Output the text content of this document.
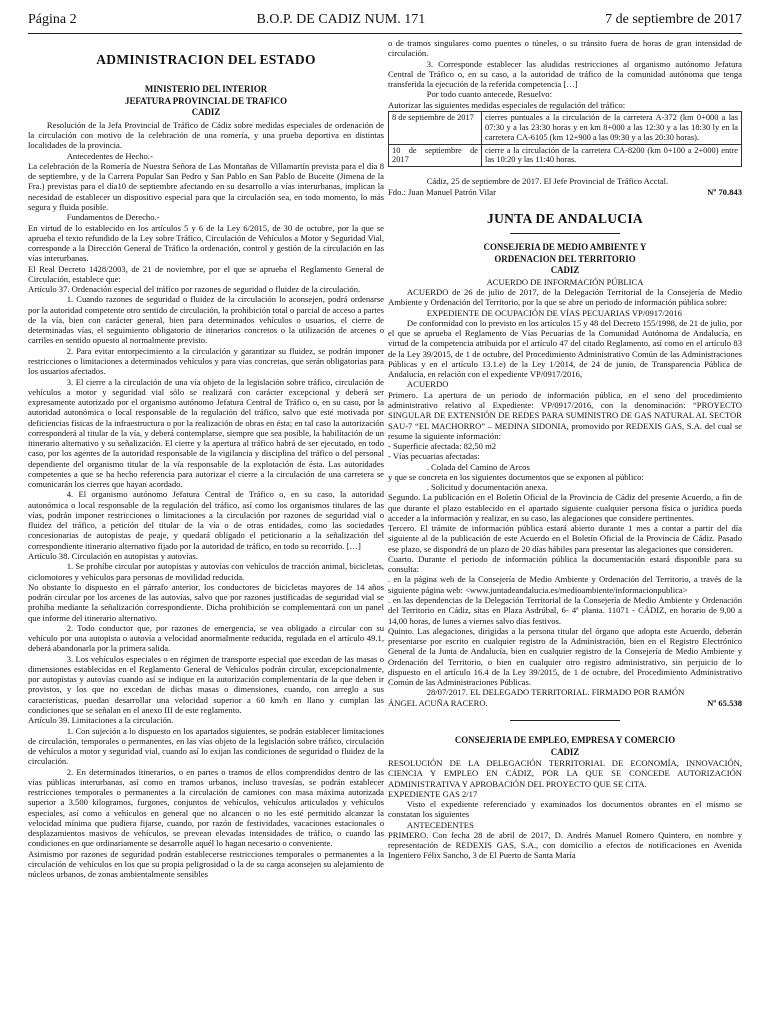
Página 2	B.O.P. DE CADIZ NUM. 171	7 de septiembre de 2017
ADMINISTRACION DEL ESTADO
MINISTERIO DEL INTERIOR
JEFATURA PROVINCIAL DE TRAFICO
CADIZ

Resolución de la Jefa Provincial de Tráfico de Cádiz sobre medidas especiales de ordenación de la circulación con motivo de la celebración de una romería, y una prueba deportiva en distintas localidades de la provincia.

Antecedentes de Hecho.-

La celebración de la Romería de Nuestra Señora de Las Montañas de Villamartín prevista para el día 8 de septiembre, y de la Carrera Popular San Pedro y San Pablo en San Pablo de Buceite (Jimena de la Fra.) previstas para el día10 de septiembre afectando en su desarrollo a vías interurbanas, implican la necesidad de establecer un dispositivo especial para que la circulación sea, en todo momento, lo más segura y fluida posible.

Fundamentos de Derecho.-

En virtud de lo establecido en los artículos 5 y 6 de la Ley 6/2015, de 30 de octubre, por la que se aprueba el texto refundido de la Ley sobre Tráfico, Circulación de Vehículos a Motor y Seguridad Vial, corresponde a la Dirección General de Tráfico la ordenación, control y gestión de la circulación en las vías interurbanas.

El Real Decreto 1428/2003, de 21 de noviembre, por el que se aprueba el Reglamento General de Circulación, establece que:

Artículo 37. Ordenación especial del tráfico por razones de seguridad o fluidez de la circulación.

1. Cuando razones de seguridad o fluidez de la circulación lo aconsejen, podrá ordenarse por la autoridad competente otro sentido de circulación, la prohibición total o parcial de acceso a partes de la vía, bien con carácter general, bien para determinados vehículos o usuarios, el cierre de determinadas vías, el seguimiento obligatorio de itinerarios concretos o la utilización de arcenes o carriles en sentido opuesto al normalmente previsto.

2. Para evitar entorpecimiento a la circulación y garantizar su fluidez, se podrán imponer restricciones o limitaciones a determinados vehículos y para vías concretas, que serán obligatorias para los usuarios afectados.

3. El cierre a la circulación de una vía objeto de la legislación sobre tráfico, circulación de vehículos a motor y seguridad vial sólo se realizará con carácter excepcional y deberá ser expresamente autorizado por el organismo autónomo Jefatura Central de Tráfico o, en su caso, por la autoridad autonómica o local responsable de la regulación del tráfico, salvo que esté motivada por deficiencias físicas de la infraestructura o por la realización de obras en ésta; en tal caso la autorización corresponderá al titular de la vía, y deberá contemplarse, siempre que sea posible, la habilitación de un itinerario alternativo y su señalización. El cierre y la apertura al tráfico habrá de ser ejecutado, en todo caso, por los agentes de la autoridad responsable de la vigilancia y disciplina del tráfico o del personal dependiente del organismo titular de la vía responsable de la explotación de ésta. Las autoridades competentes a que se ha hecho referencia para autorizar el cierre a la circulación de una carretera se comunicarán los cierres que hayan acordado.

4. El organismo autónomo Jefatura Central de Tráfico o, en su caso, la autoridad autonómica o local responsable de la regulación del tráfico, así como los organismos titulares de las vías, podrán imponer restricciones o limitaciones a la circulación por razones de seguridad vial o fluidez del tráfico, a petición del titular de la vía o de otras entidades, como las sociedades concesionarias de autopistas de peaje, y quedará obligado el peticionario a la señalización del correspondiente itinerario alternativo fijado por la autoridad de tráfico, en todo su recorrido. […]

Artículo 38. Circulación en autopistas y autovías.

1. Se prohíbe circular por autopistas y autovías con vehículos de tracción animal, bicicletas, ciclomotores y vehículos para personas de movilidad reducida.

No obstante lo dispuesto en el párrafo anterior, los conductores de bicicletas mayores de 14 años podrán circular por los arcenes de las autovías, salvo que por razones justificadas de seguridad vial se prohíba mediante la señalización correspondiente. Dicha prohibición se complementará con un panel que informe del itinerario alternativo.

2. Todo conductor que, por razones de emergencia, se vea obligado a circular con su vehículo por una autopista o autovía a velocidad anormalmente reducida, regulada en el artículo 49.1, deberá abandonarla por la primera salida.

3. Los vehículos especiales o en régimen de transporte especial que excedan de las masas o dimensiones establecidas en el Reglamento General de Vehículos podrán circular, excepcionalmente, por autopistas y autovías cuando así se indique en la autorización complementaria de la que deben ir provistos, y los que no excedan de dichas masas o dimensiones, cuando, con arreglo a sus características, puedan desarrollar una velocidad superior a 60 km/h en llano y cumplan las condiciones que se señalan en el anexo III de este reglamento.

Artículo 39. Limitaciones a la circulación.

1. Con sujeción a lo dispuesto en los apartados siguientes, se podrán establecer limitaciones de circulación, temporales o permanentes, en las vías objeto de la legislación sobre tráfico, circulación de vehículos a motor y seguridad vial, cuando así lo exijan las condiciones de seguridad o fluidez de la circulación.

2. En determinados itinerarios, o en partes o tramos de ellos comprendidos dentro de las vías públicas interurbanas, así como en tramos urbanos, incluso travesías, se podrán establecer restricciones temporales o permanentes a la circulación de camiones con masa máxima autorizada superior a 3.500 kilogramos, furgones, conjuntos de vehículos, vehículos articulados y vehículos especiales, así como a vehículos en general que no alcancen o no les esté permitido alcanzar la velocidad mínima que pudiera fijarse, cuando, por razón de festividades, vacaciones estacionales o desplazamientos masivos de vehículos, se prevean elevadas intensidades de tráfico, o cuando las condiciones en que ordinariamente se desarrolle aquél lo hagan necesario o conveniente.

Asimismo por razones de seguridad podrán establecerse restricciones temporales o permanentes a la circulación de vehículos en los que su propia peligrosidad o la de su carga aconsejen su alejamiento de núcleos urbanos, de zonas ambientalmente sensibles

o de tramos singulares como puentes o túneles, o su tránsito fuera de horas de gran intensidad de circulación.

3. Corresponde establecer las aludidas restricciones al organismo autónomo Jefatura Central de Tráfico o, en su caso, a la autoridad de tráfico de la comunidad autónoma que tenga transferida la ejecución de la referida competencia […]

Por todo cuanto antecede, Resuelvo:

Autorizar las siguientes medidas especiales de regulación del tráfico:

8 de septiembre de 2017	cierres puntuales a la circulación de la carretera A-372 (km 0+000 a las 07:30 y a las 23:30 horas y en km 8+000 a las 12:30 y a las 18:30 ly en la carretera CA-6105 (km 12+900 a las 09:30 y a las 20:30 horas).
10 de septiembre de 2017	cierre a la circulación de la carretera CA-8200 (km 0+100 a 2+000) entre las 10:20 y las 11:40 horas.

Cádiz, 25 de septiembre de 2017. El Jefe Provincial de Tráfico Acctal.

Fdo.: Juan Manuel Patrón Vilar	Nº 70.843
JUNTA DE ANDALUCIA
CONSEJERIA DE MEDIO AMBIENTE Y
ORDENACION DEL TERRITORIO
CADIZ
ACUERDO DE INFORMACIÓN PÚBLICA

ACUERDO de 26 de julio de 2017, de la Delegación Territorial de la Consejería de Medio Ambiente y Ordenación del Territorio, por la que se abre un periodo de información pública sobre:

EXPEDIENTE DE OCUPACIÓN DE VÍAS PECUARIAS VP/0917/2016

De conformidad con lo previsto en los artículos 15 y 48 del Decreto 155/1998, de 21 de julio, por el que se aprueba el Reglamento de Vías Pecuarias de la Comunidad Autónoma de Andalucía, en virtud de la competencia atribuida por el artículo 47 del citado Reglamento, así como en el artículo 83 de la Ley 39/2015, de 1 de octubre, del Procedimiento Administrativo Común de las Administraciones Públicas y en el artículo 13.1.e) de la Ley 1/2014, de 24 de junio, de Transparencia Pública de Andalucía, en relación con el expediente VP/0917/2016,

ACUERDO

Primero. La apertura de un periodo de información pública, en el seno del procedimiento administrativo relativo al Expediente: VP/0917/2016, con la denominación: “PROYECTO SINGULAR DE EXTENSIÓN DE REDES PARA SUMINISTRO DE GAS NATURAL AL SECTOR SAU-7 “EL MACHORRO” – MEDINA SIDONIA, promovido por REDEXIS GAS, S.A. del cual se resume la siguiente información:

- Superficie afectada: 82,50 m2

- Vías pecuarias afectadas:

. Colada del Camino de Arcos

y que se concreta en los siguientes documentos que se exponen al público:

. Solicitud y documentación anexa.

Segundo. La publicación en el Boletín Oficial de la Provincia de Cádiz del presente Acuerdo, a fin de que durante el plazo establecido en el apartado siguiente cualquier persona física o jurídica pueda acceder a la información y realizar, en su caso, las alegaciones que considere pertinentes.

Tercero. El trámite de información pública estará abierto durante 1 mes a contar a partir del día siguiente al de la publicación de este Acuerdo en el Boletín Oficial de la Provincia de Cádiz. Pasado ese plazo, se dispondrá de un plazo de 20 días hábiles para presentar las alegaciones que consideren.

Cuarto. Durante el periodo de información pública la documentación estará disponible para su consulta:

. en la página web de la Consejería de Medio Ambiente y Ordenación del Territorio, a través de la siguiente página web: <www.juntadeandalucia.es/medioambiente/informacionpublica>

. en las dependencias de la Delegación Territorial de la Consejería de Medio Ambiente y Ordenación del Territorio en Cádiz, sitas en Plaza Asdrúbal, 6- 4ª planta. 11071 - CÁDIZ, en horario de 9,00 a 14,00 horas, de lunes a viernes salvo días festivos.

Quinto. Las alegaciones, dirigidas a la persona titular del órgano que adopta este Acuerdo, deberán presentarse por escrito en cualquier registro de la Administración, bien en el Registro Electrónico General de la Junta de Andalucía, bien en cualquier registro de la Consejería de Medio Ambiente y Ordenación del Territorio, o bien en cualquier otro registro administrativo, sin perjuicio de lo dispuesto en el artículo 16.4 de la Ley 39/2015, de 1 de octubre, del Procedimiento Administrativo Común de las Administraciones Públicas.

28/07/2017. EL DELEGADO TERRITORIAL. FIRMADO POR RAMÓN

ÁNGEL ACUÑA RACERO.	Nº 65.538
CONSEJERIA DE EMPLEO, EMPRESA Y COMERCIO
CADIZ

RESOLUCIÓN DE LA DELEGACIÓN TERRITORIAL DE ECONOMÍA, INNOVACIÓN, CIENCIA Y EMPLEO EN CÁDIZ, POR LA QUE SE CONCEDE AUTORIZACIÓN ADMINISTRATIVA Y APROBACIÓN DEL PROYECTO QUE SE CITA.

EXPEDIENTE GAS 2/17

Visto el expediente referenciado y examinados los documentos obrantes en el mismo se constatan los siguientes

ANTECEDENTES

PRIMERO. Con fecha 28 de abril de 2017, D. Andrés Manuel Romero Quintero, en nombre y representación de REDEXIS GAS, S.A., con domicilio a efectos de notificaciones en Avenida Ingeniero Félix Sancho, 3 de El Puerto de Santa María
